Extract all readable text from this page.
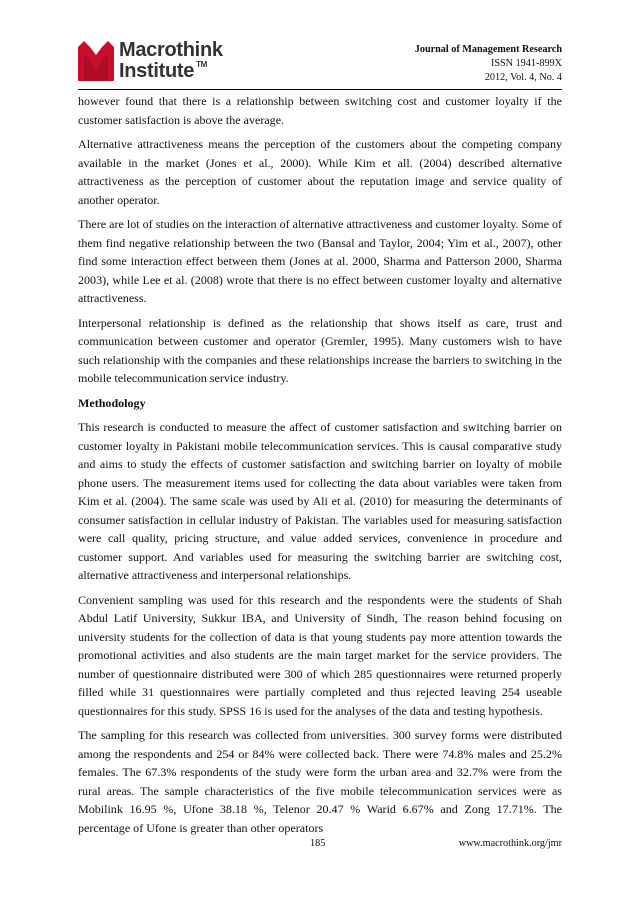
Macrothink
Institute ™
Journal of Management Research
ISSN 1941-899X
2012, Vol. 4, No. 4

however found that there is a relationship between switching cost and customer loyalty if the customer satisfaction is above the average.

Alternative attractiveness means the perception of the customers about the competing company available in the market (Jones et al., 2000). While Kim et all. (2004) described alternative attractiveness as the perception of customer about the reputation image and service quality of another operator.

There are lot of studies on the interaction of alternative attractiveness and customer loyalty. Some of them find negative relationship between the two (Bansal and Taylor, 2004; Yim et al., 2007), other find some interaction effect between them (Jones at al. 2000, Sharma and Patterson 2000, Sharma 2003), while Lee et al. (2008) wrote that there is no effect between customer loyalty and alternative attractiveness.

Interpersonal relationship is defined as the relationship that shows itself as care, trust and communication between customer and operator (Gremler, 1995). Many customers wish to have such relationship with the companies and these relationships increase the barriers to switching in the mobile telecommunication service industry.

Methodology

This research is conducted to measure the affect of customer satisfaction and switching barrier on customer loyalty in Pakistani mobile telecommunication services. This is causal comparative study and aims to study the effects of customer satisfaction and switching barrier on loyalty of mobile phone users. The measurement items used for collecting the data about variables were taken from Kim et al. (2004). The same scale was used by Ali et al. (2010) for measuring the determinants of consumer satisfaction in cellular industry of Pakistan. The variables used for measuring satisfaction were call quality, pricing structure, and value added services, convenience in procedure and customer support. And variables used for measuring the switching barrier are switching cost, alternative attractiveness and interpersonal relationships.

Convenient sampling was used for this research and the respondents were the students of Shah Abdul Latif University, Sukkur IBA, and University of Sindh, The reason behind focusing on university students for the collection of data is that young students pay more attention towards the promotional activities and also students are the main target market for the service providers. The number of questionnaire distributed were 300 of which 285 questionnaires were returned properly filled while 31 questionnaires were partially completed and thus rejected leaving 254 useable questionnaires for this study. SPSS 16 is used for the analyses of the data and testing hypothesis.

The sampling for this research was collected from universities. 300 survey forms were distributed among the respondents and 254 or 84% were collected back. There were 74.8% males and 25.2% females. The 67.3% respondents of the study were form the urban area and 32.7% were from the rural areas. The sample characteristics of the five mobile telecommunication services were as Mobilink 16.95 %, Ufone 38.18 %, Telenor 20.47 % Warid 6.67% and Zong 17.71%. The percentage of Ufone is greater than other operators

185	www.macrothink.org/jmr
